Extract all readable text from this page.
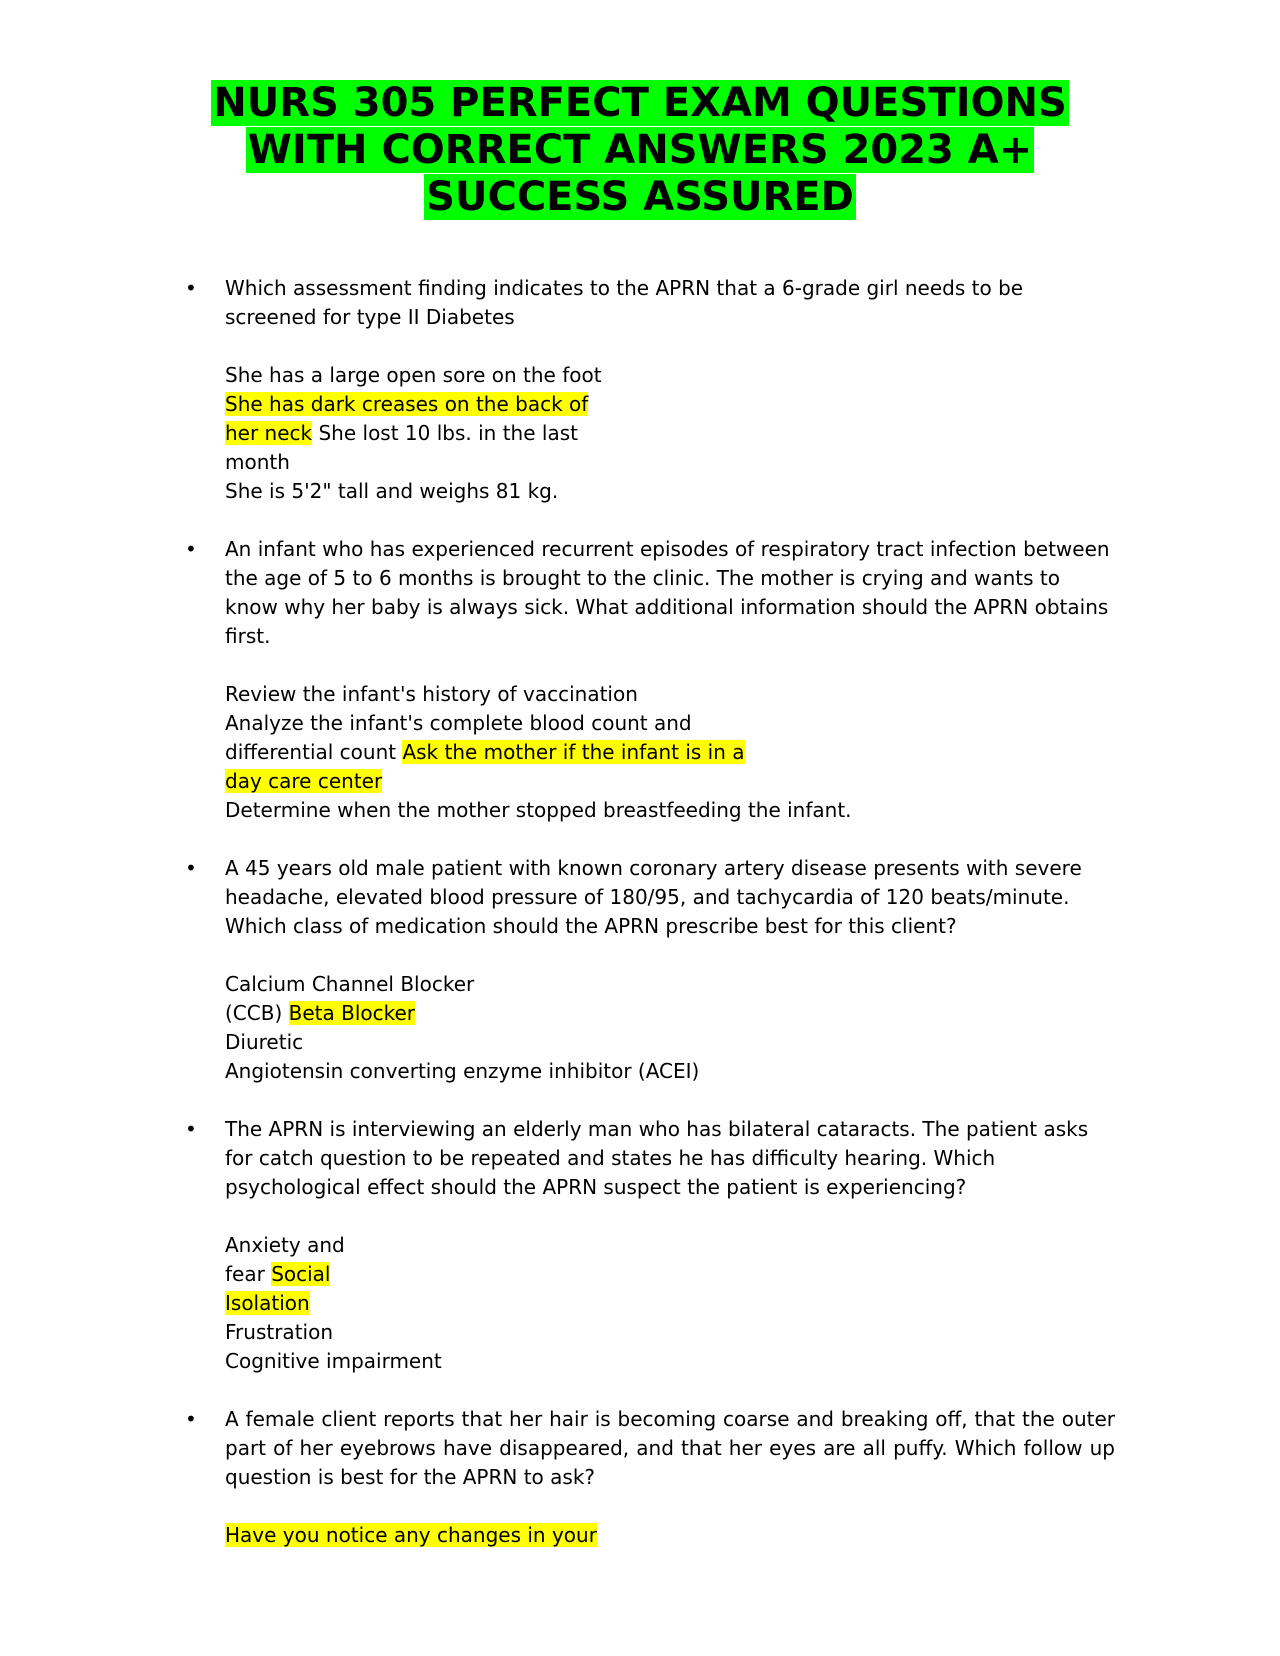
NURS 305 PERFECT EXAM QUESTIONS
WITH CORRECT ANSWERS 2023 A+
SUCCESS ASSURED
• Which assessment finding indicates to the APRN that a 6-grade girl needs to be screened for type II Diabetes

She has a large open sore on the foot
She has dark creases on the back of
her neck She lost 10 lbs. in the last
month
She is 5'2" tall and weighs 81 kg.
• An infant who has experienced recurrent episodes of respiratory tract infection between the age of 5 to 6 months is brought to the clinic. The mother is crying and wants to know why her baby is always sick. What additional information should the APRN obtains first.

Review the infant's history of vaccination
Analyze the infant's complete blood count and
differential count Ask the mother if the infant is in a
day care center
Determine when the mother stopped breastfeeding the infant.
• A 45 years old male patient with known coronary artery disease presents with severe headache, elevated blood pressure of 180/95, and tachycardia of 120 beats/minute. Which class of medication should the APRN prescribe best for this client?

Calcium Channel Blocker
(CCB) Beta Blocker
Diuretic
Angiotensin converting enzyme inhibitor (ACEI)
• The APRN is interviewing an elderly man who has bilateral cataracts. The patient asks for catch question to be repeated and states he has difficulty hearing. Which psychological effect should the APRN suspect the patient is experiencing?

Anxiety and
fear Social
Isolation
Frustration
Cognitive impairment
• A female client reports that her hair is becoming coarse and breaking off, that the outer part of her eyebrows have disappeared, and that her eyes are all puffy. Which follow up question is best for the APRN to ask?

Have you notice any changes in your
